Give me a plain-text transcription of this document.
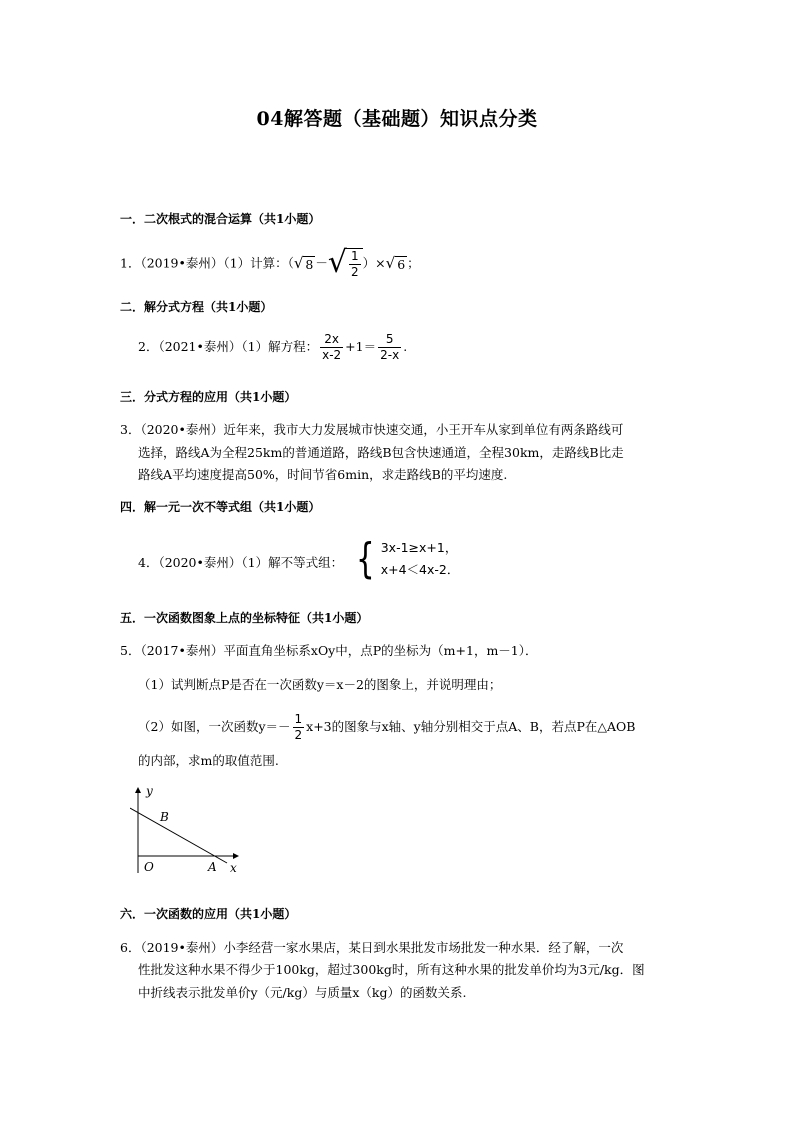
04解答题（基础题）知识点分类
一．二次根式的混合运算（共1小题）
1．（2019•泰州）（1）计算：（ √ 8 － √ $\frac{1}{2}$ ）× √ 6 ；
二．解分式方程（共1小题）
2．（2021•泰州）（1）解方程： $\frac{2x}{x-2} +1= \frac{5}{2-x}$ .
三．分式方程的应用（共1小题）
3．（2020•泰州）近年来，我市大力发展城市快速交通，小王开车从家到单位有两条路线可
选择，路线A为全程25km的普通道路，路线B包含快速通道，全程30km，走路线B比走
路线A平均速度提高50%，时间节省6min，求走路线B的平均速度.
四．解一元一次不等式组（共1小题）
4．（2020•泰州）（1）解不等式组： { 3x-1≥x+1，
x+4＜4x-2．
五．一次函数图象上点的坐标特征（共1小题）
5．（2017•泰州）平面直角坐标系xOy中，点P的坐标为（m+1，m－1）．
（1）试判断点P是否在一次函数y＝x－2的图象上，并说明理由；
（2）如图，一次函数$y=- \frac{1}{2} x+3$的图象与x轴、y轴分别相交于点A、B，若点P在△AOB
的内部，求m的取值范围.
y
x
B
A
O
六．一次函数的应用（共1小题）
6．（2019•泰州）小李经营一家水果店，某日到水果批发市场批发一种水果．经了解，一次
性批发这种水果不得少于100kg，超过300kg时，所有这种水果的批发单价均为3元/kg．图
中折线表示批发单价y（元/kg）与质量x（kg）的函数关系.
